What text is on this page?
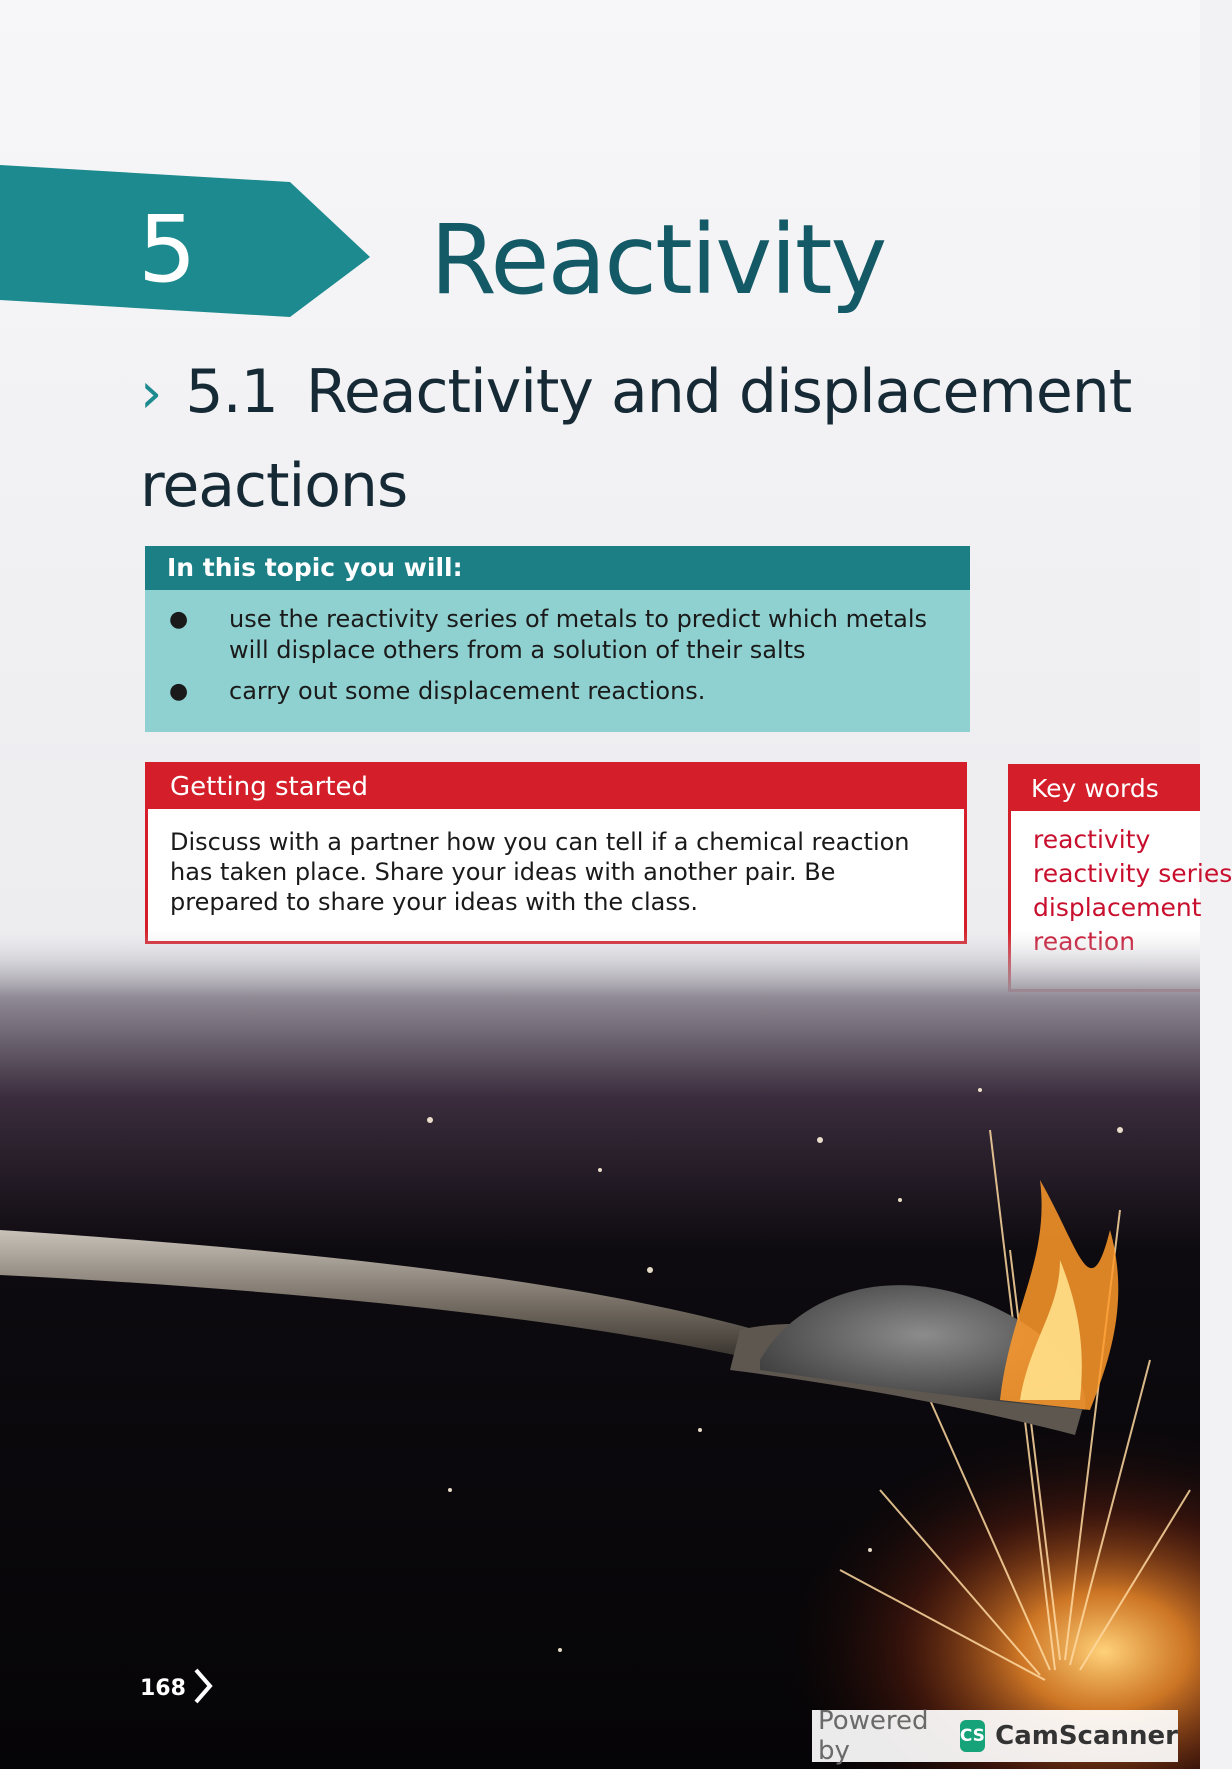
5 Reactivity
› 5.1 Reactivity and displacement reactions
In this topic you will:
● use the reactivity series of metals to predict which metals will displace others from a solution of their salts
● carry out some displacement reactions.
Getting started
Discuss with a partner how you can tell if a chemical reaction has taken place. Share your ideas with another pair. Be prepared to share your ideas with the class.
Key words
reactivity
reactivity series
displacement
168
Powered by	CS CamScanner
